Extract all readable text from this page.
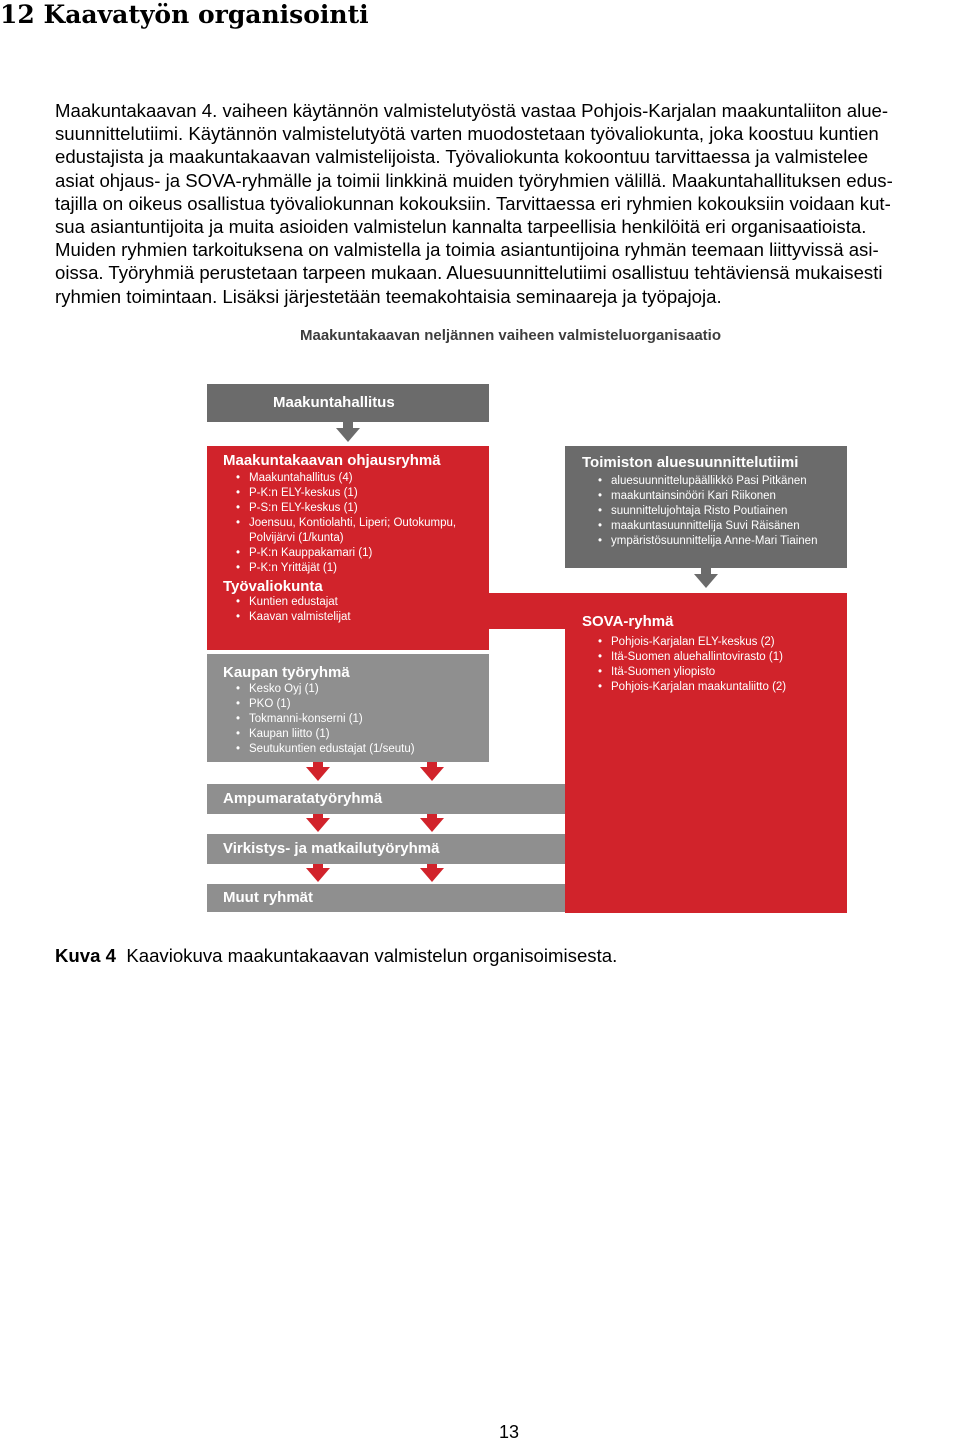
12 Kaavatyön organisointi

Maakuntakaavan 4. vaiheen käytännön valmistelutyöstä vastaa Pohjois-Karjalan maakuntaliiton alue-
suunnittelutiimi. Käytännön valmistelutyötä varten muodostetaan työvaliokunta, joka koostuu kuntien
edustajista ja maakuntakaavan valmistelijoista. Työvaliokunta kokoontuu tarvittaessa ja valmistelee
asiat ohjaus- ja SOVA-ryhmälle ja toimii linkkinä muiden työryhmien välillä. Maakuntahallituksen edus-
tajilla on oikeus osallistua työvaliokunnan kokouksiin. Tarvittaessa eri ryhmien kokouksiin voidaan kut-
sua asiantuntijoita ja muita asioiden valmistelun kannalta tarpeellisia henkilöitä eri organisaatioista.
Muiden ryhmien tarkoituksena on valmistella ja toimia asiantuntijoina ryhmän teemaan liittyvissä asi-
oissa. Työryhmiä perustetaan tarpeen mukaan. Aluesuunnittelutiimi osallistuu tehtäviensä mukaisesti
ryhmien toimintaan. Lisäksi järjestetään teemakohtaisia seminaareja ja työpajoja.

Maakuntakaavan neljännen vaiheen valmisteluorganisaatio
Maakuntahallitus
Maakuntakaavan ohjausryhmä
• Maakuntahallitus (4)
• P-K:n ELY-keskus (1)
• P-S:n ELY-keskus (1)
• Joensuu, Kontiolahti, Liperi; Outokumpu,
Polvijärvi (1/kunta)
• P-K:n Kauppakamari (1)
• P-K:n Yrittäjät (1)
Työvaliokunta
• Kuntien edustajat
• Kaavan valmistelijat
Toimiston aluesuunnittelutiimi
• aluesuunnittelupäällikkö Pasi Pitkänen
• maakuntainsinööri Kari Riikonen
• suunnittelujohtaja Risto Poutiainen
• maakuntasuunnittelija Suvi Räisänen
• ympäristösuunnittelija Anne-Mari Tiainen
SOVA-ryhmä
• Pohjois-Karjalan ELY-keskus (2)
• Itä-Suomen aluehallintovirasto (1)
• Itä-Suomen yliopisto
• Pohjois-Karjalan maakuntaliitto (2)
Kaupan työryhmä
• Kesko Oyj (1)
• PKO (1)
• Tokmanni-konserni (1)
• Kaupan liitto (1)
• Seutukuntien edustajat (1/seutu)
Ampumaratatyöryhmä
Virkistys- ja matkailutyöryhmä
Muut ryhmät

Kuva 4 Kaaviokuva maakuntakaavan valmistelun organisoimisesta.

13
